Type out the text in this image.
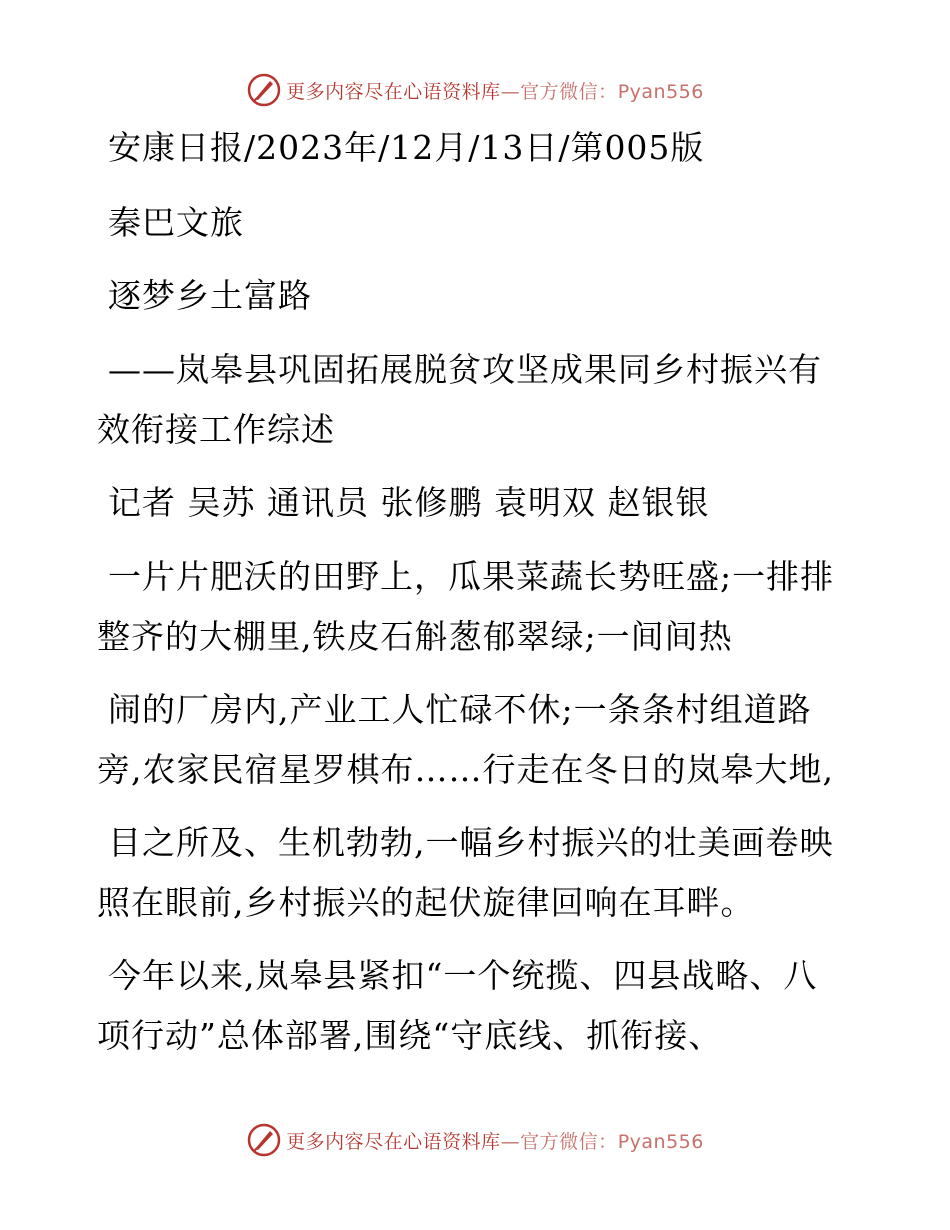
更多内容尽在心语资料库—官方微信：Pyan556
安康日报/2023年/12月/13日/第005版
秦巴文旅
逐梦乡土富路
——岚皋县巩固拓展脱贫攻坚成果同乡村振兴有
效衔接工作综述
记者 吴苏 通讯员 张修鹏 袁明双 赵银银
一片片肥沃的田野上，瓜果菜蔬长势旺盛;一排排
整齐的大棚里,铁皮石斛葱郁翠绿;一间间热
闹的厂房内,产业工人忙碌不休;一条条村组道路
旁,农家民宿星罗棋布……行走在冬日的岚皋大地,
目之所及、生机勃勃,一幅乡村振兴的壮美画卷映
照在眼前,乡村振兴的起伏旋律回响在耳畔。
今年以来,岚皋县紧扣“一个统揽、四县战略、八
项行动”总体部署,围绕“守底线、抓衔接、
更多内容尽在心语资料库—官方微信：Pyan556
